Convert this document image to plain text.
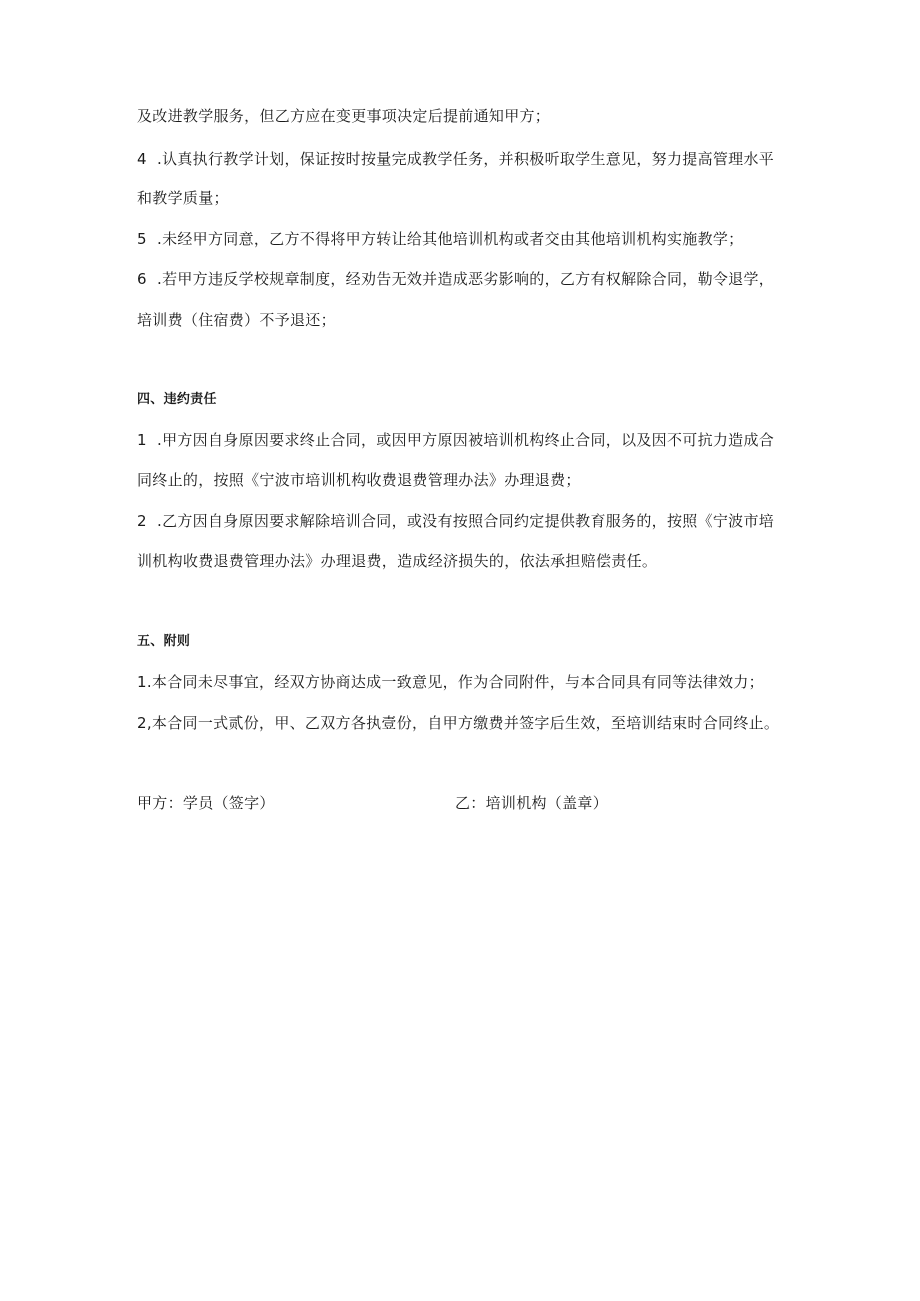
及改进教学服务，但乙方应在变更事项决定后提前通知甲方；
4 .认真执行教学计划，保证按时按量完成教学任务，并积极听取学生意见，努力提高管理水平
和教学质量；
5 .未经甲方同意，乙方不得将甲方转让给其他培训机构或者交由其他培训机构实施教学；
6 .若甲方违反学校规章制度，经劝告无效并造成恶劣影响的，乙方有权解除合同，勒令退学，
培训费（住宿费）不予退还；
四、违约责任
1 .甲方因自身原因要求终止合同，或因甲方原因被培训机构终止合同，以及因不可抗力造成合
同终止的，按照《宁波市培训机构收费退费管理办法》办理退费；
2 .乙方因自身原因要求解除培训合同，或没有按照合同约定提供教育服务的，按照《宁波市培
训机构收费退费管理办法》办理退费，造成经济损失的，依法承担赔偿责任。
五、附则
1.本合同未尽事宜，经双方协商达成一致意见，作为合同附件，与本合同具有同等法律效力；
2,本合同一式贰份，甲、乙双方各执壹份，自甲方缴费并签字后生效，至培训结束时合同终止。
甲方：学员（签字）	乙：培训机构（盖章）
